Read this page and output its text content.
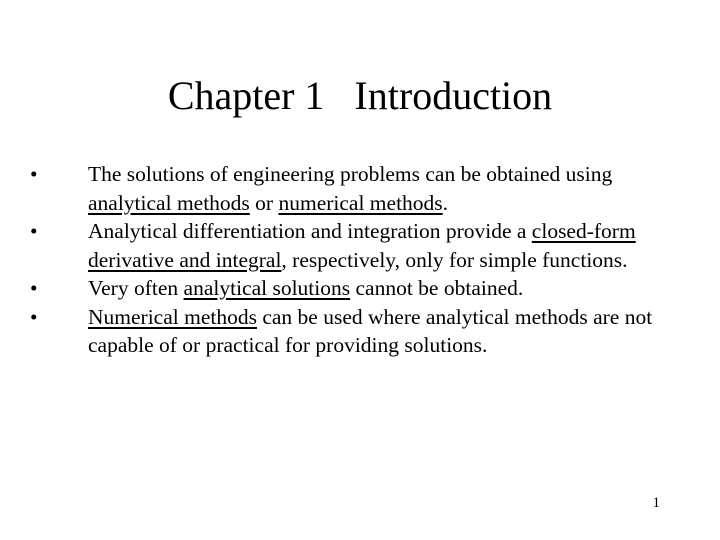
Chapter 1   Introduction
•	The solutions of engineering problems can be obtained using analytical methods or numerical methods.
•	Analytical differentiation and integration provide a closed-form derivative and integral, respectively, only for simple functions.
•	Very often analytical solutions cannot be obtained.
•	Numerical methods can be used where analytical methods are not capable of or practical for providing solutions.
1
